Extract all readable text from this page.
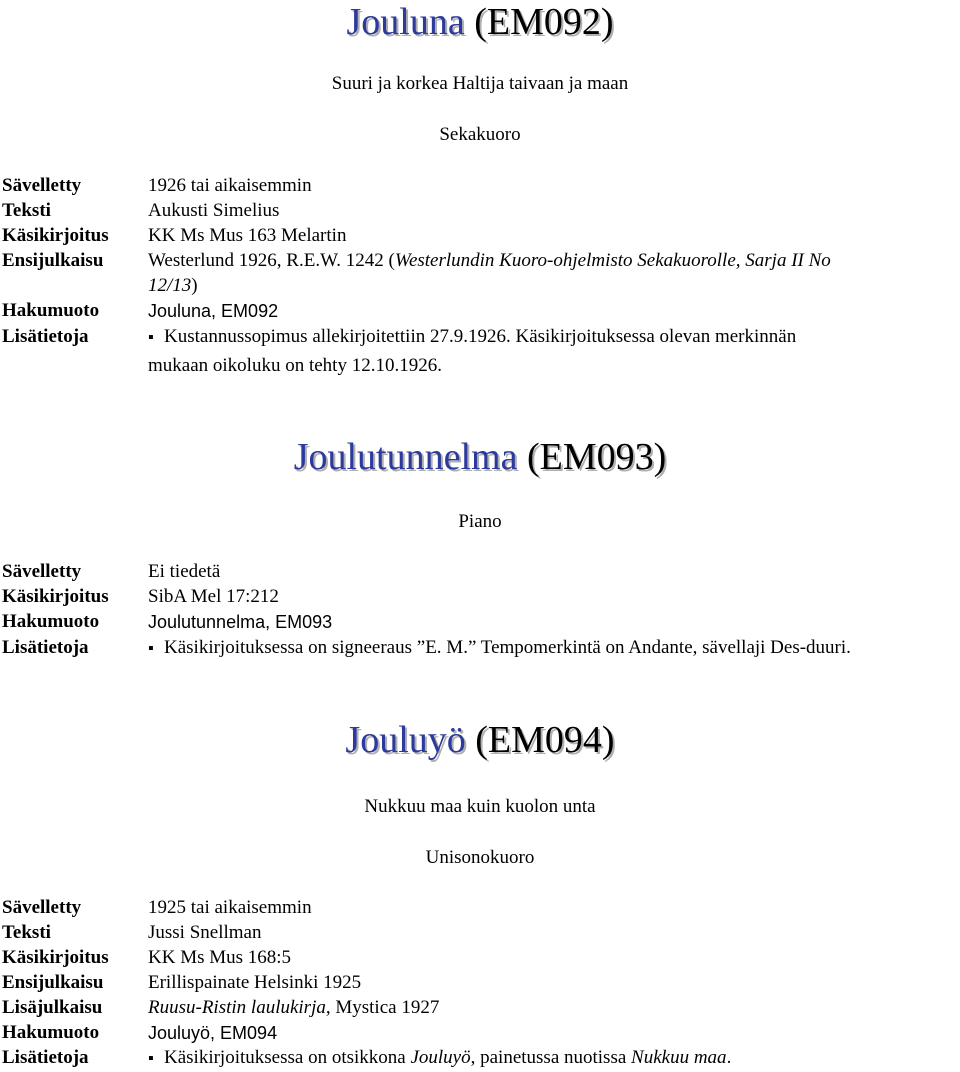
Jouluna (EM092)
Suuri ja korkea Haltija taivaan ja maan
Sekakuoro
Sävelletty	1926 tai aikaisemmin
Teksti	Aukusti Simelius
Käsikirjoitus KK Ms Mus 163 Melartin
Ensijulkaisu Westerlund 1926, R.E.W. 1242 (Westerlundin Kuoro-ohjelmisto Sekakuorolle, Sarja II No
12/13)
Hakumuoto	Jouluna, EM092
Lisätietoja	▪ Kustannussopimus allekirjoitettiin 27.9.1926. Käsikirjoituksessa olevan merkinnän
mukaan oikoluku on tehty 12.10.1926.
Joulutunnelma (EM093)
Piano
Sävelletty	Ei tiedetä
Käsikirjoitus SibA Mel 17:212
Hakumuoto	Joulutunnelma, EM093
Lisätietoja	▪ Käsikirjoituksessa on signeeraus ”E. M.” Tempomerkintä on Andante, sävellaji Des-duuri.
Jouluyö (EM094)
Nukkuu maa kuin kuolon unta
Unisonokuoro
Sävelletty	1925 tai aikaisemmin
Teksti	Jussi Snellman
Käsikirjoitus KK Ms Mus 168:5
Ensijulkaisu Erillispainate Helsinki 1925
Lisäjulkaisu Ruusu-Ristin laulukirja, Mystica 1927
Hakumuoto	Jouluyö, EM094
Lisätietoja	▪ Käsikirjoituksessa on otsikkona Jouluyö, painetussa nuotissa Nukkuu maa.
